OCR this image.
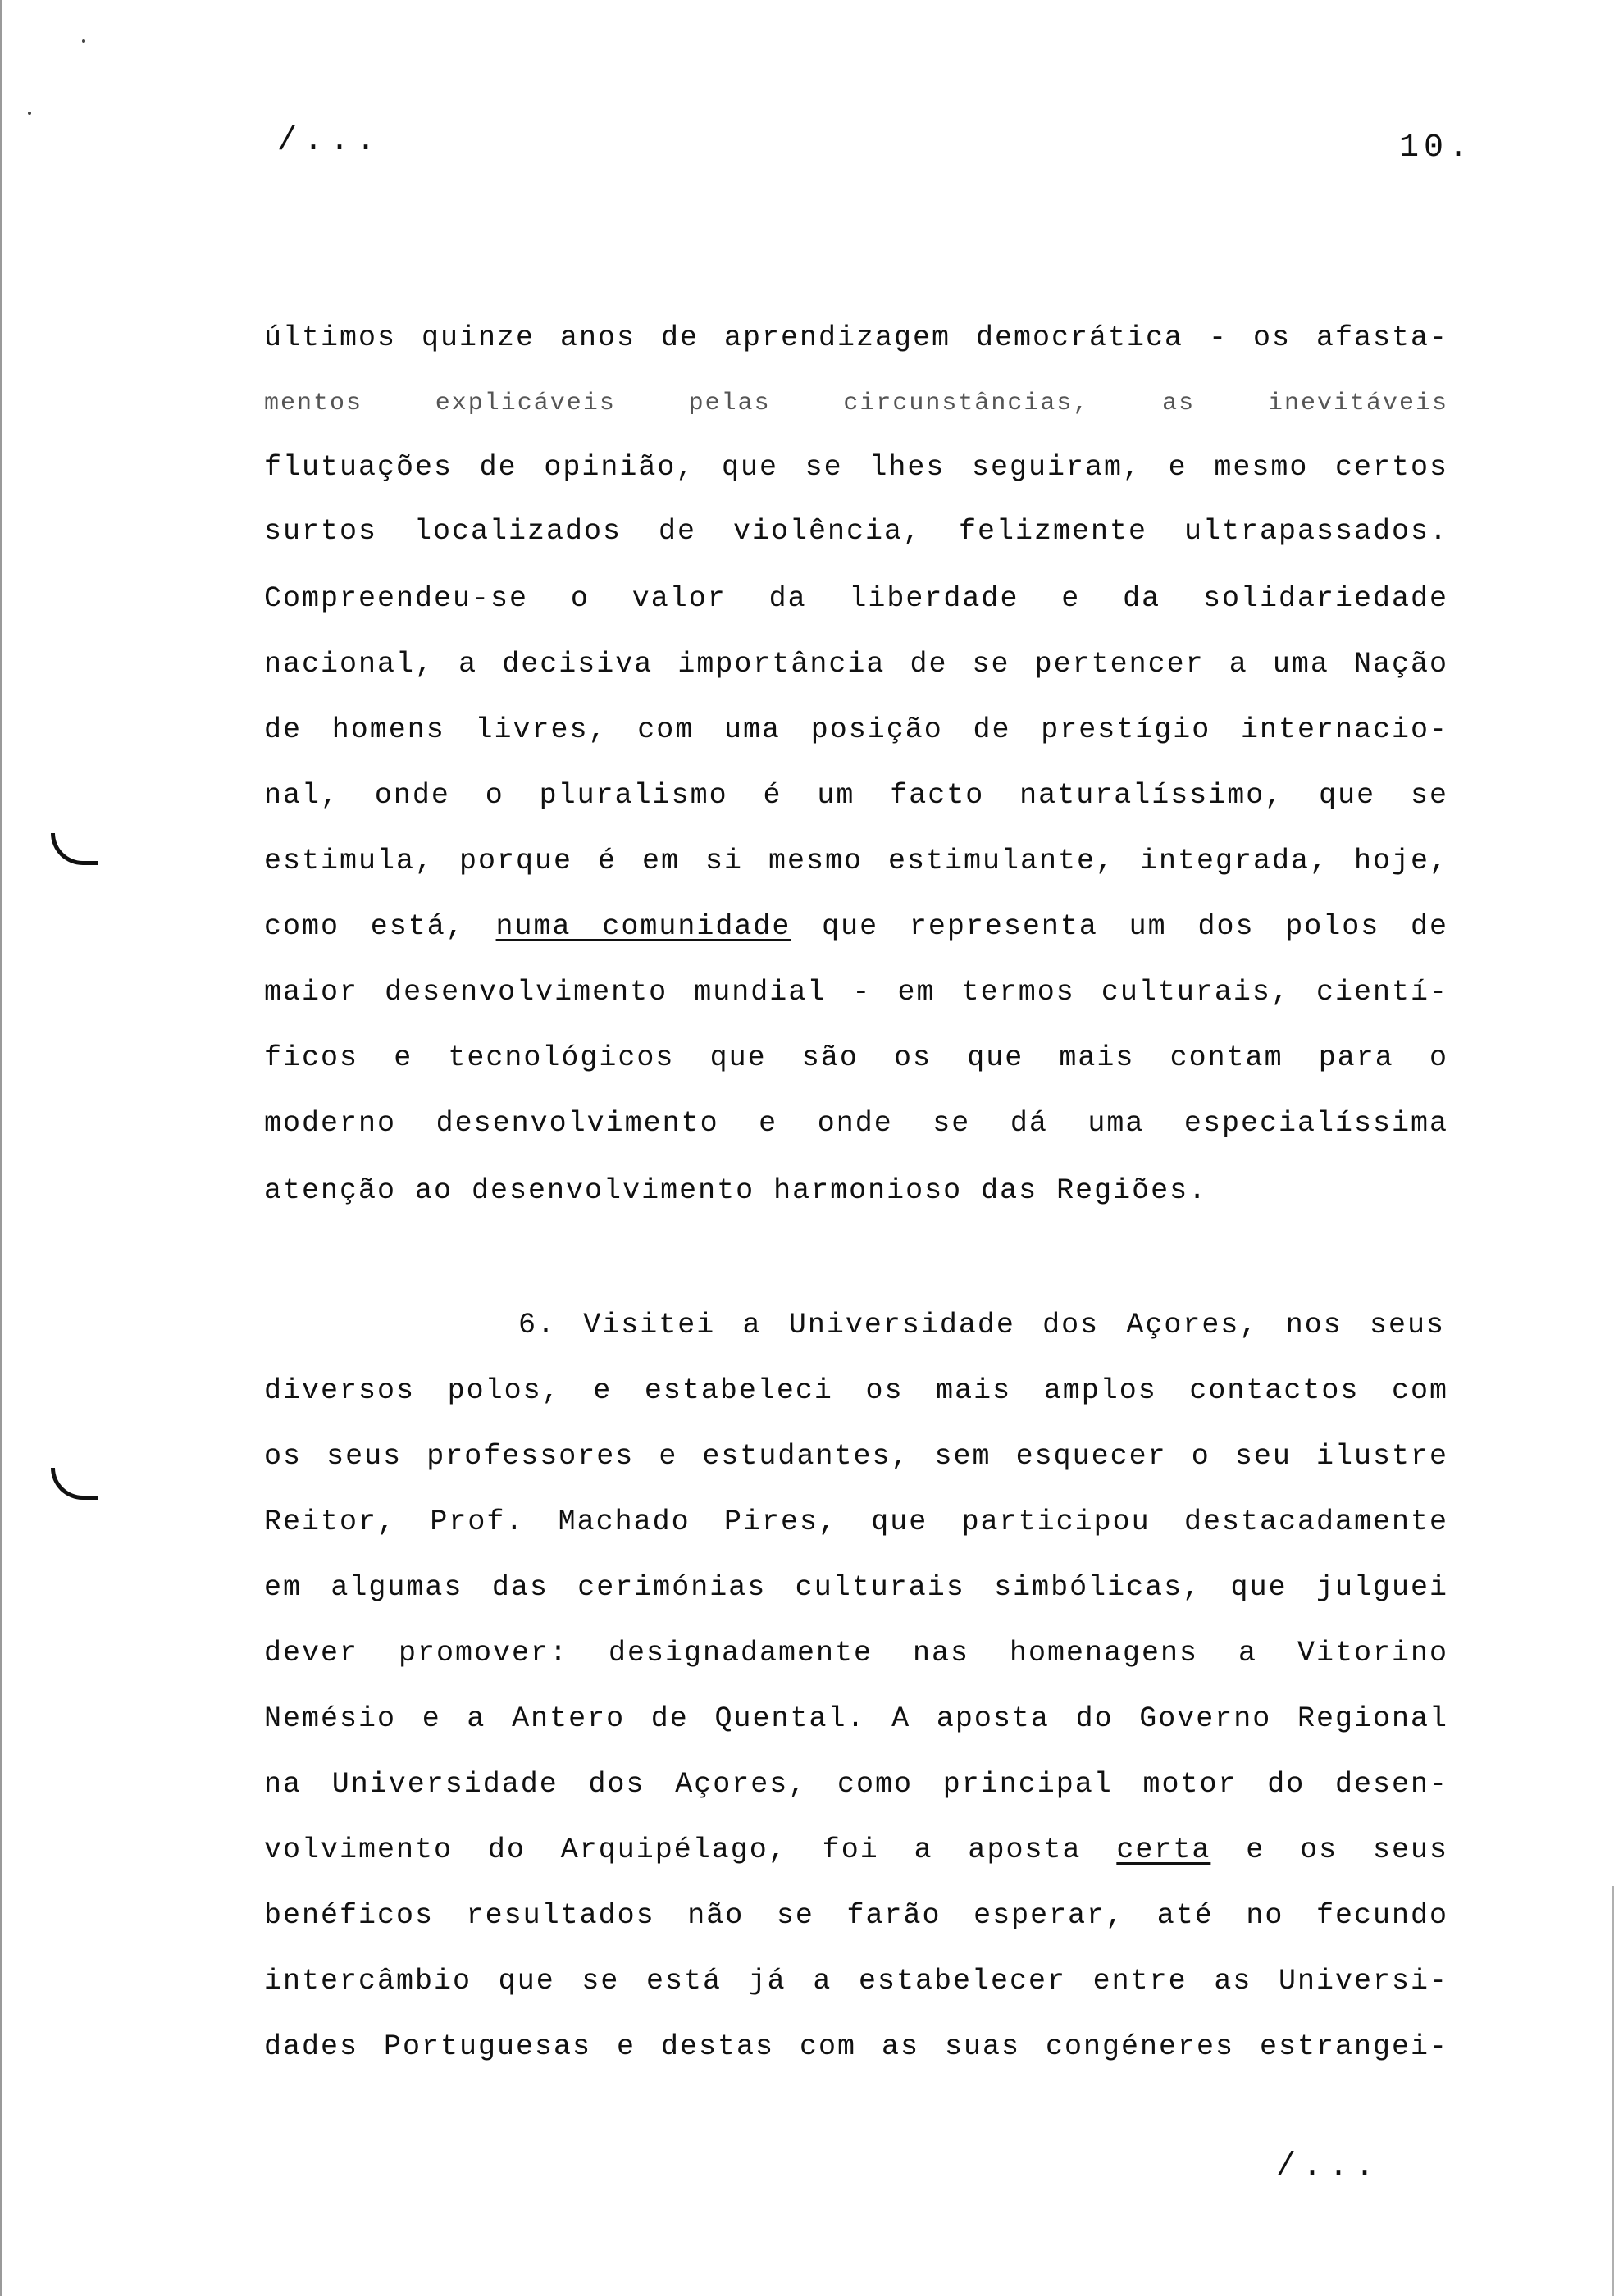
/...	10.
últimos quinze anos de aprendizagem democrática - os afasta-
mentos explicáveis pelas circunstâncias, as inevitáveis
flutuações de opinião, que se lhes seguiram, e mesmo certos
surtos localizados de violência, felizmente ultrapassados.
Compreendeu-se o valor da liberdade e da solidariedade
nacional, a decisiva importância de se pertencer a uma Nação
de homens livres, com uma posição de prestígio internacio-
nal, onde o pluralismo é um facto naturalíssimo, que se
estimula, porque é em si mesmo estimulante, integrada, hoje,
como está, numa comunidade que representa um dos polos de
maior desenvolvimento mundial - em termos culturais, cientí-
ficos e tecnológicos que são os que mais contam para o
moderno desenvolvimento e onde se dá uma especialíssima
atenção ao desenvolvimento harmonioso das Regiões.
6. Visitei a Universidade dos Açores, nos seus
diversos polos, e estabeleci os mais amplos contactos com
os seus professores e estudantes, sem esquecer o seu ilustre
Reitor, Prof. Machado Pires, que participou destacadamente
em algumas das cerimónias culturais simbólicas, que julguei
dever promover: designadamente nas homenagens a Vitorino
Nemésio e a Antero de Quental. A aposta do Governo Regional
na Universidade dos Açores, como principal motor do desen-
volvimento do Arquipélago, foi a aposta certa e os seus
benéficos resultados não se farão esperar, até no fecundo
intercâmbio que se está já a estabelecer entre as Universi-
dades Portuguesas e destas com as suas congéneres estrangei-
/...
